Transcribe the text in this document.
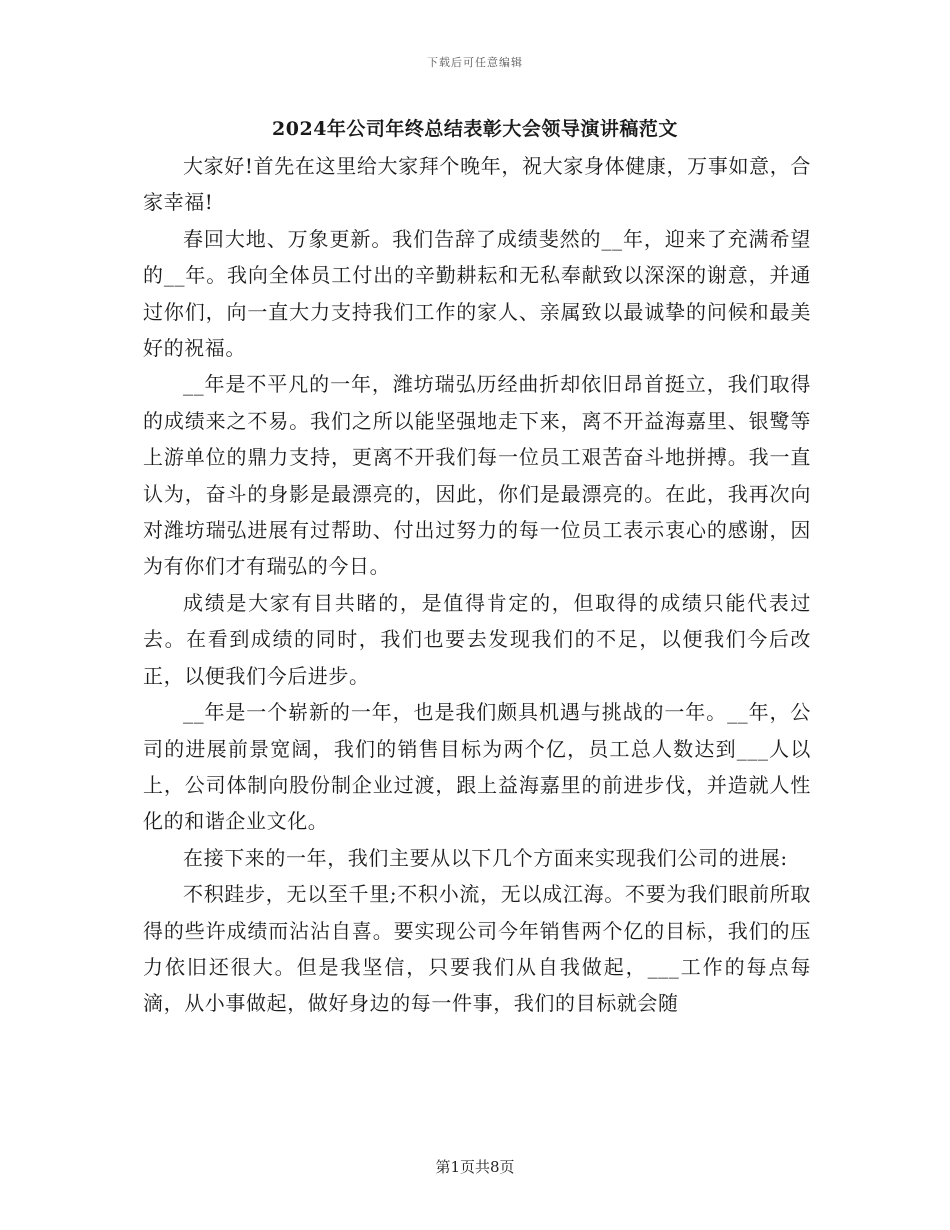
下载后可任意编辑
2024年公司年终总结表彰大会领导演讲稿范文

大家好!首先在这里给大家拜个晚年，祝大家身体健康，万事如意，合家幸福!

春回大地、万象更新。我们告辞了成绩斐然的__年，迎来了充满希望的__年。我向全体员工付出的辛勤耕耘和无私奉献致以深深的谢意，并通过你们，向一直大力支持我们工作的家人、亲属致以最诚挚的问候和最美好的祝福。

__年是不平凡的一年，潍坊瑞弘历经曲折却依旧昂首挺立，我们取得的成绩来之不易。我们之所以能坚强地走下来，离不开益海嘉里、银鹭等上游单位的鼎力支持，更离不开我们每一位员工艰苦奋斗地拼搏。我一直认为，奋斗的身影是最漂亮的，因此，你们是最漂亮的。在此，我再次向对潍坊瑞弘进展有过帮助、付出过努力的每一位员工表示衷心的感谢，因为有你们才有瑞弘的今日。

成绩是大家有目共睹的，是值得肯定的，但取得的成绩只能代表过去。在看到成绩的同时，我们也要去发现我们的不足，以便我们今后改正，以便我们今后进步。

__年是一个崭新的一年，也是我们颇具机遇与挑战的一年。__年，公司的进展前景宽阔，我们的销售目标为两个亿，员工总人数达到___人以上，公司体制向股份制企业过渡，跟上益海嘉里的前进步伐，并造就人性化的和谐企业文化。

在接下来的一年，我们主要从以下几个方面来实现我们公司的进展:

不积跬步，无以至千里;不积小流，无以成江海。不要为我们眼前所取得的些许成绩而沾沾自喜。要实现公司今年销售两个亿的目标，我们的压力依旧还很大。但是我坚信，只要我们从自我做起，___工作的每点每滴，从小事做起，做好身边的每一件事，我们的目标就会随

第1页共8页
